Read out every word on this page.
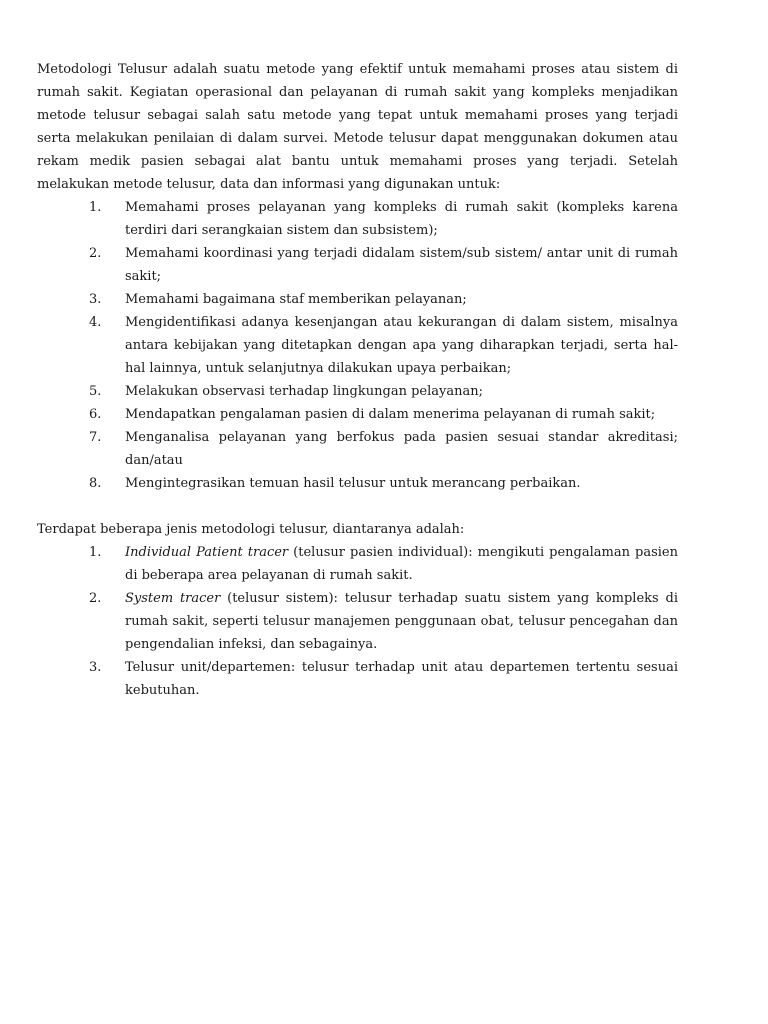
Metodologi Telusur adalah suatu metode yang efektif untuk memahami proses atau sistem di rumah sakit. Kegiatan operasional dan pelayanan di rumah sakit yang kompleks menjadikan metode telusur sebagai salah satu metode yang tepat untuk memahami proses yang terjadi serta melakukan penilaian di dalam survei. Metode telusur dapat menggunakan dokumen atau rekam medik pasien sebagai alat bantu untuk memahami proses yang terjadi. Setelah melakukan metode telusur, data dan informasi yang digunakan untuk:

1.	Memahami proses pelayanan yang kompleks di rumah sakit (kompleks karena terdiri dari serangkaian sistem dan subsistem);
2.	Memahami koordinasi yang terjadi didalam sistem/sub sistem/ antar unit di rumah sakit;
3.	Memahami bagaimana staf memberikan pelayanan;
4.	Mengidentifikasi adanya kesenjangan atau kekurangan di dalam sistem, misalnya antara kebijakan yang ditetapkan dengan apa yang diharapkan terjadi, serta hal-hal lainnya, untuk selanjutnya dilakukan upaya perbaikan;
5.	Melakukan observasi terhadap lingkungan pelayanan;
6.	Mendapatkan pengalaman pasien di dalam menerima pelayanan di rumah sakit;
7.	Menganalisa pelayanan yang berfokus pada pasien sesuai standar akreditasi; dan/atau
8.	Mengintegrasikan temuan hasil telusur untuk merancang perbaikan.

Terdapat beberapa jenis metodologi telusur, diantaranya adalah:

1.	Individual Patient tracer (telusur pasien individual): mengikuti pengalaman pasien di beberapa area pelayanan di rumah sakit.
2.	System tracer (telusur sistem): telusur terhadap suatu sistem yang kompleks di rumah sakit, seperti telusur manajemen penggunaan obat, telusur pencegahan dan pengendalian infeksi, dan sebagainya.
3.	Telusur unit/departemen: telusur terhadap unit atau departemen tertentu sesuai kebutuhan.
